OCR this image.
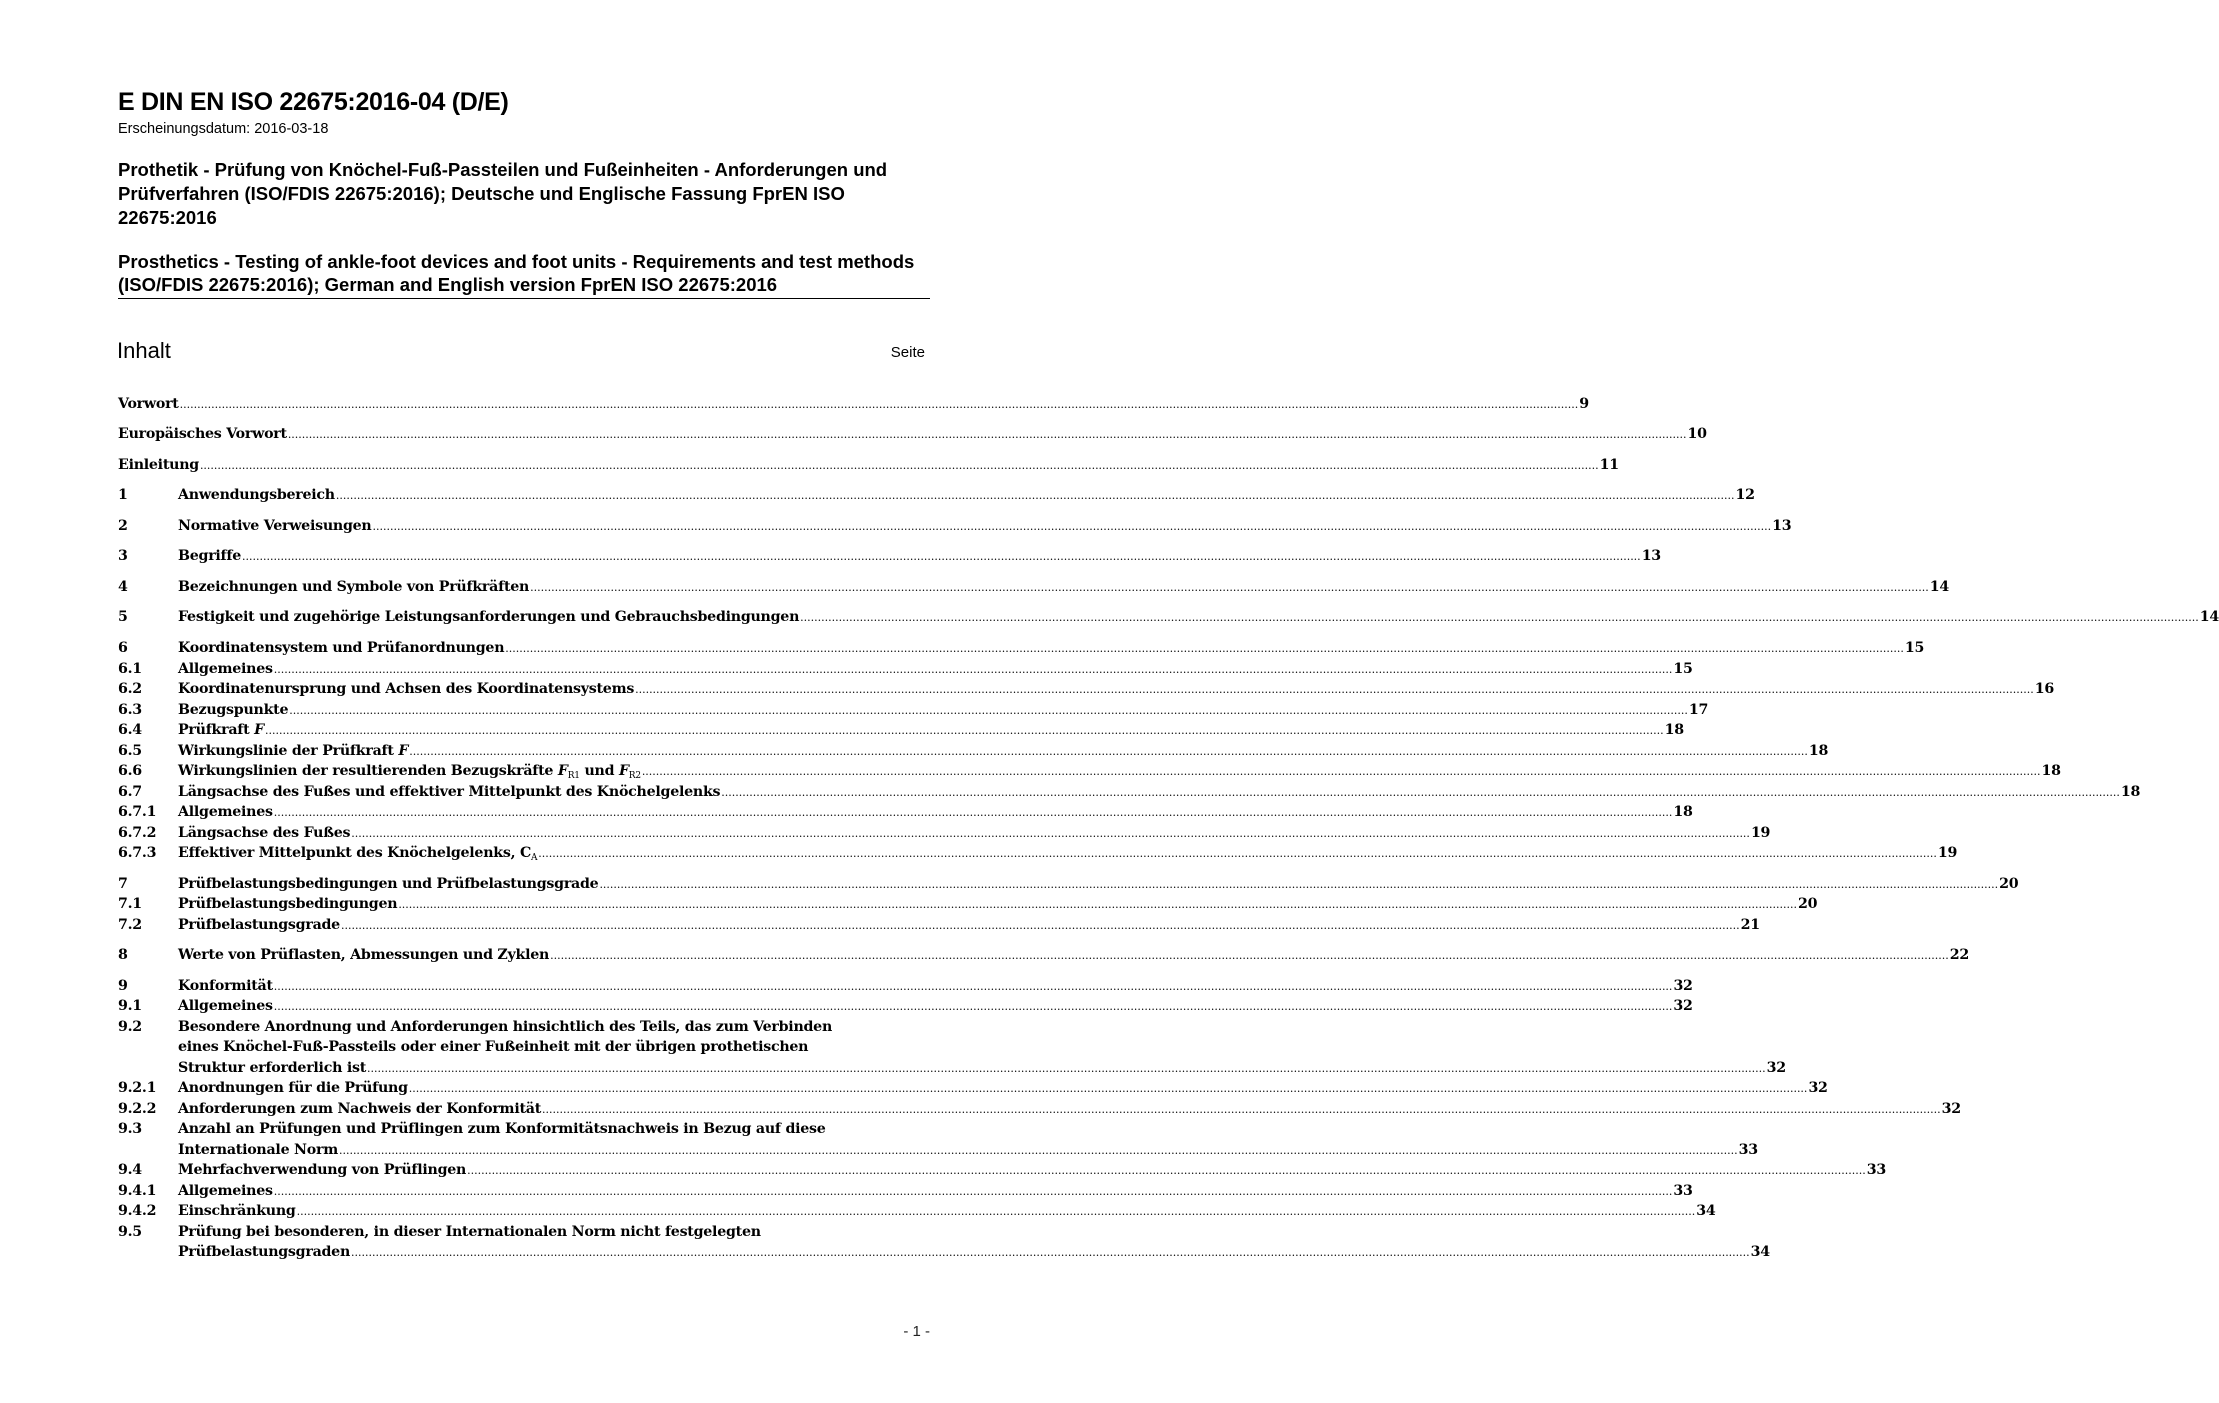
E DIN EN ISO 22675:2016-04 (D/E)
Erscheinungsdatum: 2016-03-18
Prothetik - Prüfung von Knöchel-Fuß-Passteilen und Fußeinheiten - Anforderungen und Prüfverfahren (ISO/FDIS 22675:2016); Deutsche und Englische Fassung FprEN ISO 22675:2016
Prosthetics - Testing of ankle-foot devices and foot units - Requirements and test methods (ISO/FDIS 22675:2016); German and English version FprEN ISO 22675:2016
Inhalt	Seite
Vorwort ................................................................................................................................................................................................................................................................................................................................................................................................................ 9
Europäisches Vorwort ................................................................................................................................................................................................................................................................................................................................................................................................................ 10
Einleitung ................................................................................................................................................................................................................................................................................................................................................................................................................ 11
1	Anwendungsbereich ................................................................................................................................................................................................................................................................................................................................................................................................................ 12
2	Normative Verweisungen ................................................................................................................................................................................................................................................................................................................................................................................................................ 13
3	Begriffe ................................................................................................................................................................................................................................................................................................................................................................................................................ 13
4	Bezeichnungen und Symbole von Prüfkräften ................................................................................................................................................................................................................................................................................................................................................................................................................ 14
5	Festigkeit und zugehörige Leistungsanforderungen und Gebrauchsbedingungen ................................................................................................................................................................................................................................................................................................................................................................................................................ 14
6	Koordinatensystem und Prüfanordnungen ................................................................................................................................................................................................................................................................................................................................................................................................................ 15
6.1	Allgemeines ................................................................................................................................................................................................................................................................................................................................................................................................................ 15
6.2	Koordinatenursprung und Achsen des Koordinatensystems ................................................................................................................................................................................................................................................................................................................................................................................................................ 16
6.3	Bezugspunkte ................................................................................................................................................................................................................................................................................................................................................................................................................ 17
6.4	Prüfkraft F ................................................................................................................................................................................................................................................................................................................................................................................................................ 18
6.5	Wirkungslinie der Prüfkraft F ................................................................................................................................................................................................................................................................................................................................................................................................................ 18
6.6	Wirkungslinien der resultierenden Bezugskräfte $F_{R1}$ und $F_{R2}$ ................................................................................................................................................................................................................................................................................................................................................................................................................ 18
6.7	Längsachse des Fußes und effektiver Mittelpunkt des Knöchelgelenks ................................................................................................................................................................................................................................................................................................................................................................................................................ 18
6.7.1 Allgemeines ................................................................................................................................................................................................................................................................................................................................................................................................................ 18
6.7.2 Längsachse des Fußes ................................................................................................................................................................................................................................................................................................................................................................................................................ 19
6.7.3 Effektiver Mittelpunkt des Knöchelgelenks, $C_A$ ................................................................................................................................................................................................................................................................................................................................................................................................................ 19
7	Prüfbelastungsbedingungen und Prüfbelastungsgrade ................................................................................................................................................................................................................................................................................................................................................................................................................ 20
7.1	Prüfbelastungsbedingungen ................................................................................................................................................................................................................................................................................................................................................................................................................ 20
7.2	Prüfbelastungsgrade ................................................................................................................................................................................................................................................................................................................................................................................................................ 21
8	Werte von Prüflasten, Abmessungen und Zyklen ................................................................................................................................................................................................................................................................................................................................................................................................................ 22
9	Konformität ................................................................................................................................................................................................................................................................................................................................................................................................................ 32
9.1	Allgemeines ................................................................................................................................................................................................................................................................................................................................................................................................................ 32
9.2	Besondere Anordnung und Anforderungen hinsichtlich des Teils, das zum Verbinden
eines Knöchel-Fuß-Passteils oder einer Fußeinheit mit der übrigen prothetischen
Struktur erforderlich ist ................................................................................................................................................................................................................................................................................................................................................................................................................ 32
9.2.1 Anordnungen für die Prüfung ................................................................................................................................................................................................................................................................................................................................................................................................................ 32
9.2.2 Anforderungen zum Nachweis der Konformität ................................................................................................................................................................................................................................................................................................................................................................................................................ 32
9.3	Anzahl an Prüfungen und Prüflingen zum Konformitätsnachweis in Bezug auf diese
Internationale Norm ................................................................................................................................................................................................................................................................................................................................................................................................................ 33
9.4	Mehrfachverwendung von Prüflingen ................................................................................................................................................................................................................................................................................................................................................................................................................ 33
9.4.1 Allgemeines ................................................................................................................................................................................................................................................................................................................................................................................................................ 33
9.4.2 Einschränkung ................................................................................................................................................................................................................................................................................................................................................................................................................ 34
9.5	Prüfung bei besonderen, in dieser Internationalen Norm nicht festgelegten
Prüfbelastungsgraden ................................................................................................................................................................................................................................................................................................................................................................................................................ 34
- 1 -
